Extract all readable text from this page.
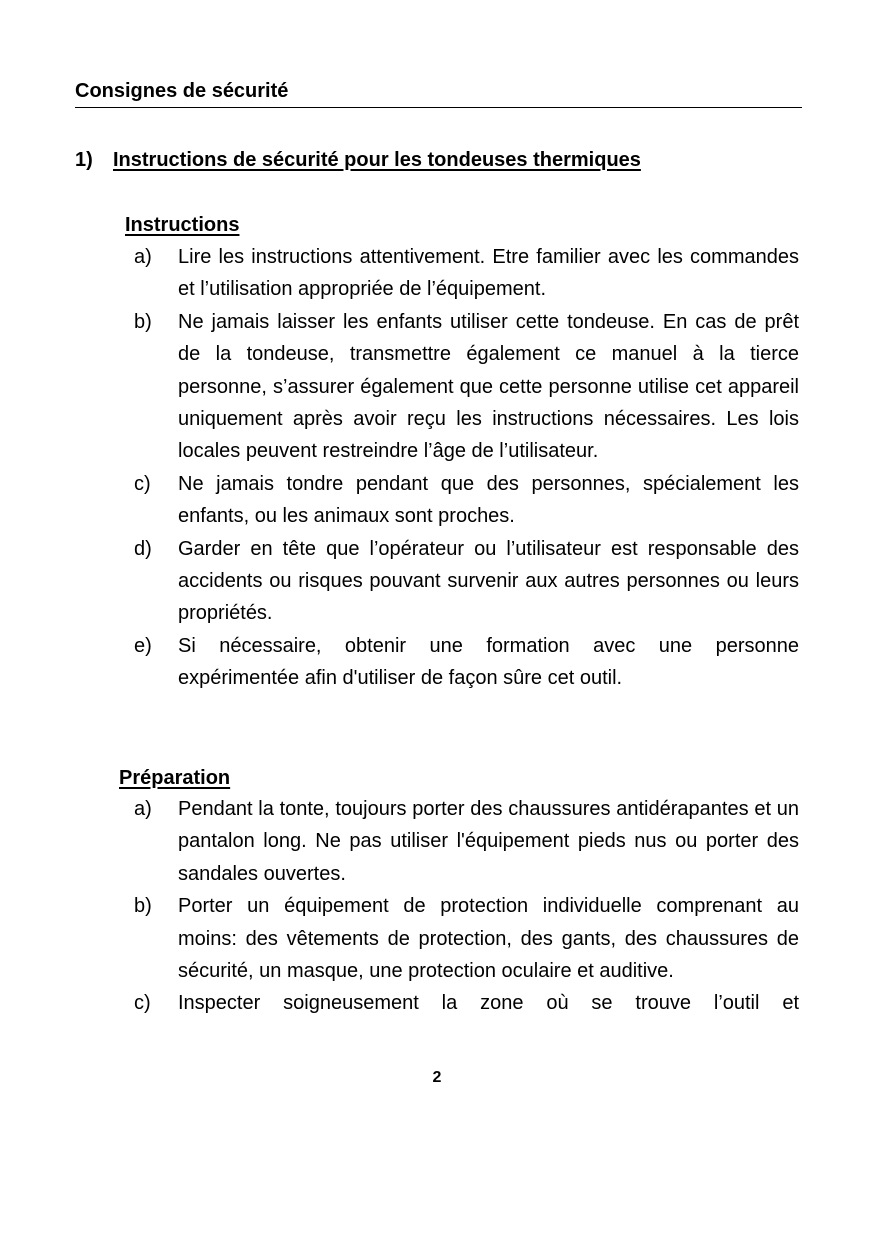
Consignes de sécurité
1) Instructions de sécurité pour les tondeuses thermiques
Instructions
a) Lire les instructions attentivement. Etre familier avec les commandes et l’utilisation appropriée de l’équipement.
b) Ne jamais laisser les enfants utiliser cette tondeuse. En cas de prêt de la tondeuse, transmettre également ce manuel à la tierce personne, s’assurer également que cette personne utilise cet appareil uniquement après avoir reçu les instructions nécessaires. Les lois locales peuvent restreindre l’âge de l’utilisateur.
c) Ne jamais tondre pendant que des personnes, spécialement les enfants, ou les animaux sont proches.
d) Garder en tête que l’opérateur ou l’utilisateur est responsable des accidents ou risques pouvant survenir aux autres personnes ou leurs propriétés.
e) Si nécessaire, obtenir une formation avec une personne expérimentée afin d'utiliser de façon sûre cet outil.
Préparation
a) Pendant la tonte, toujours porter des chaussures antidérapantes et un pantalon long. Ne pas utiliser l'équipement pieds nus ou porter des sandales ouvertes.
b) Porter un équipement de protection individuelle comprenant au moins: des vêtements de protection, des gants, des chaussures de sécurité, un masque, une protection oculaire et auditive.
c) Inspecter soigneusement la zone où se trouve l’outil et
2
